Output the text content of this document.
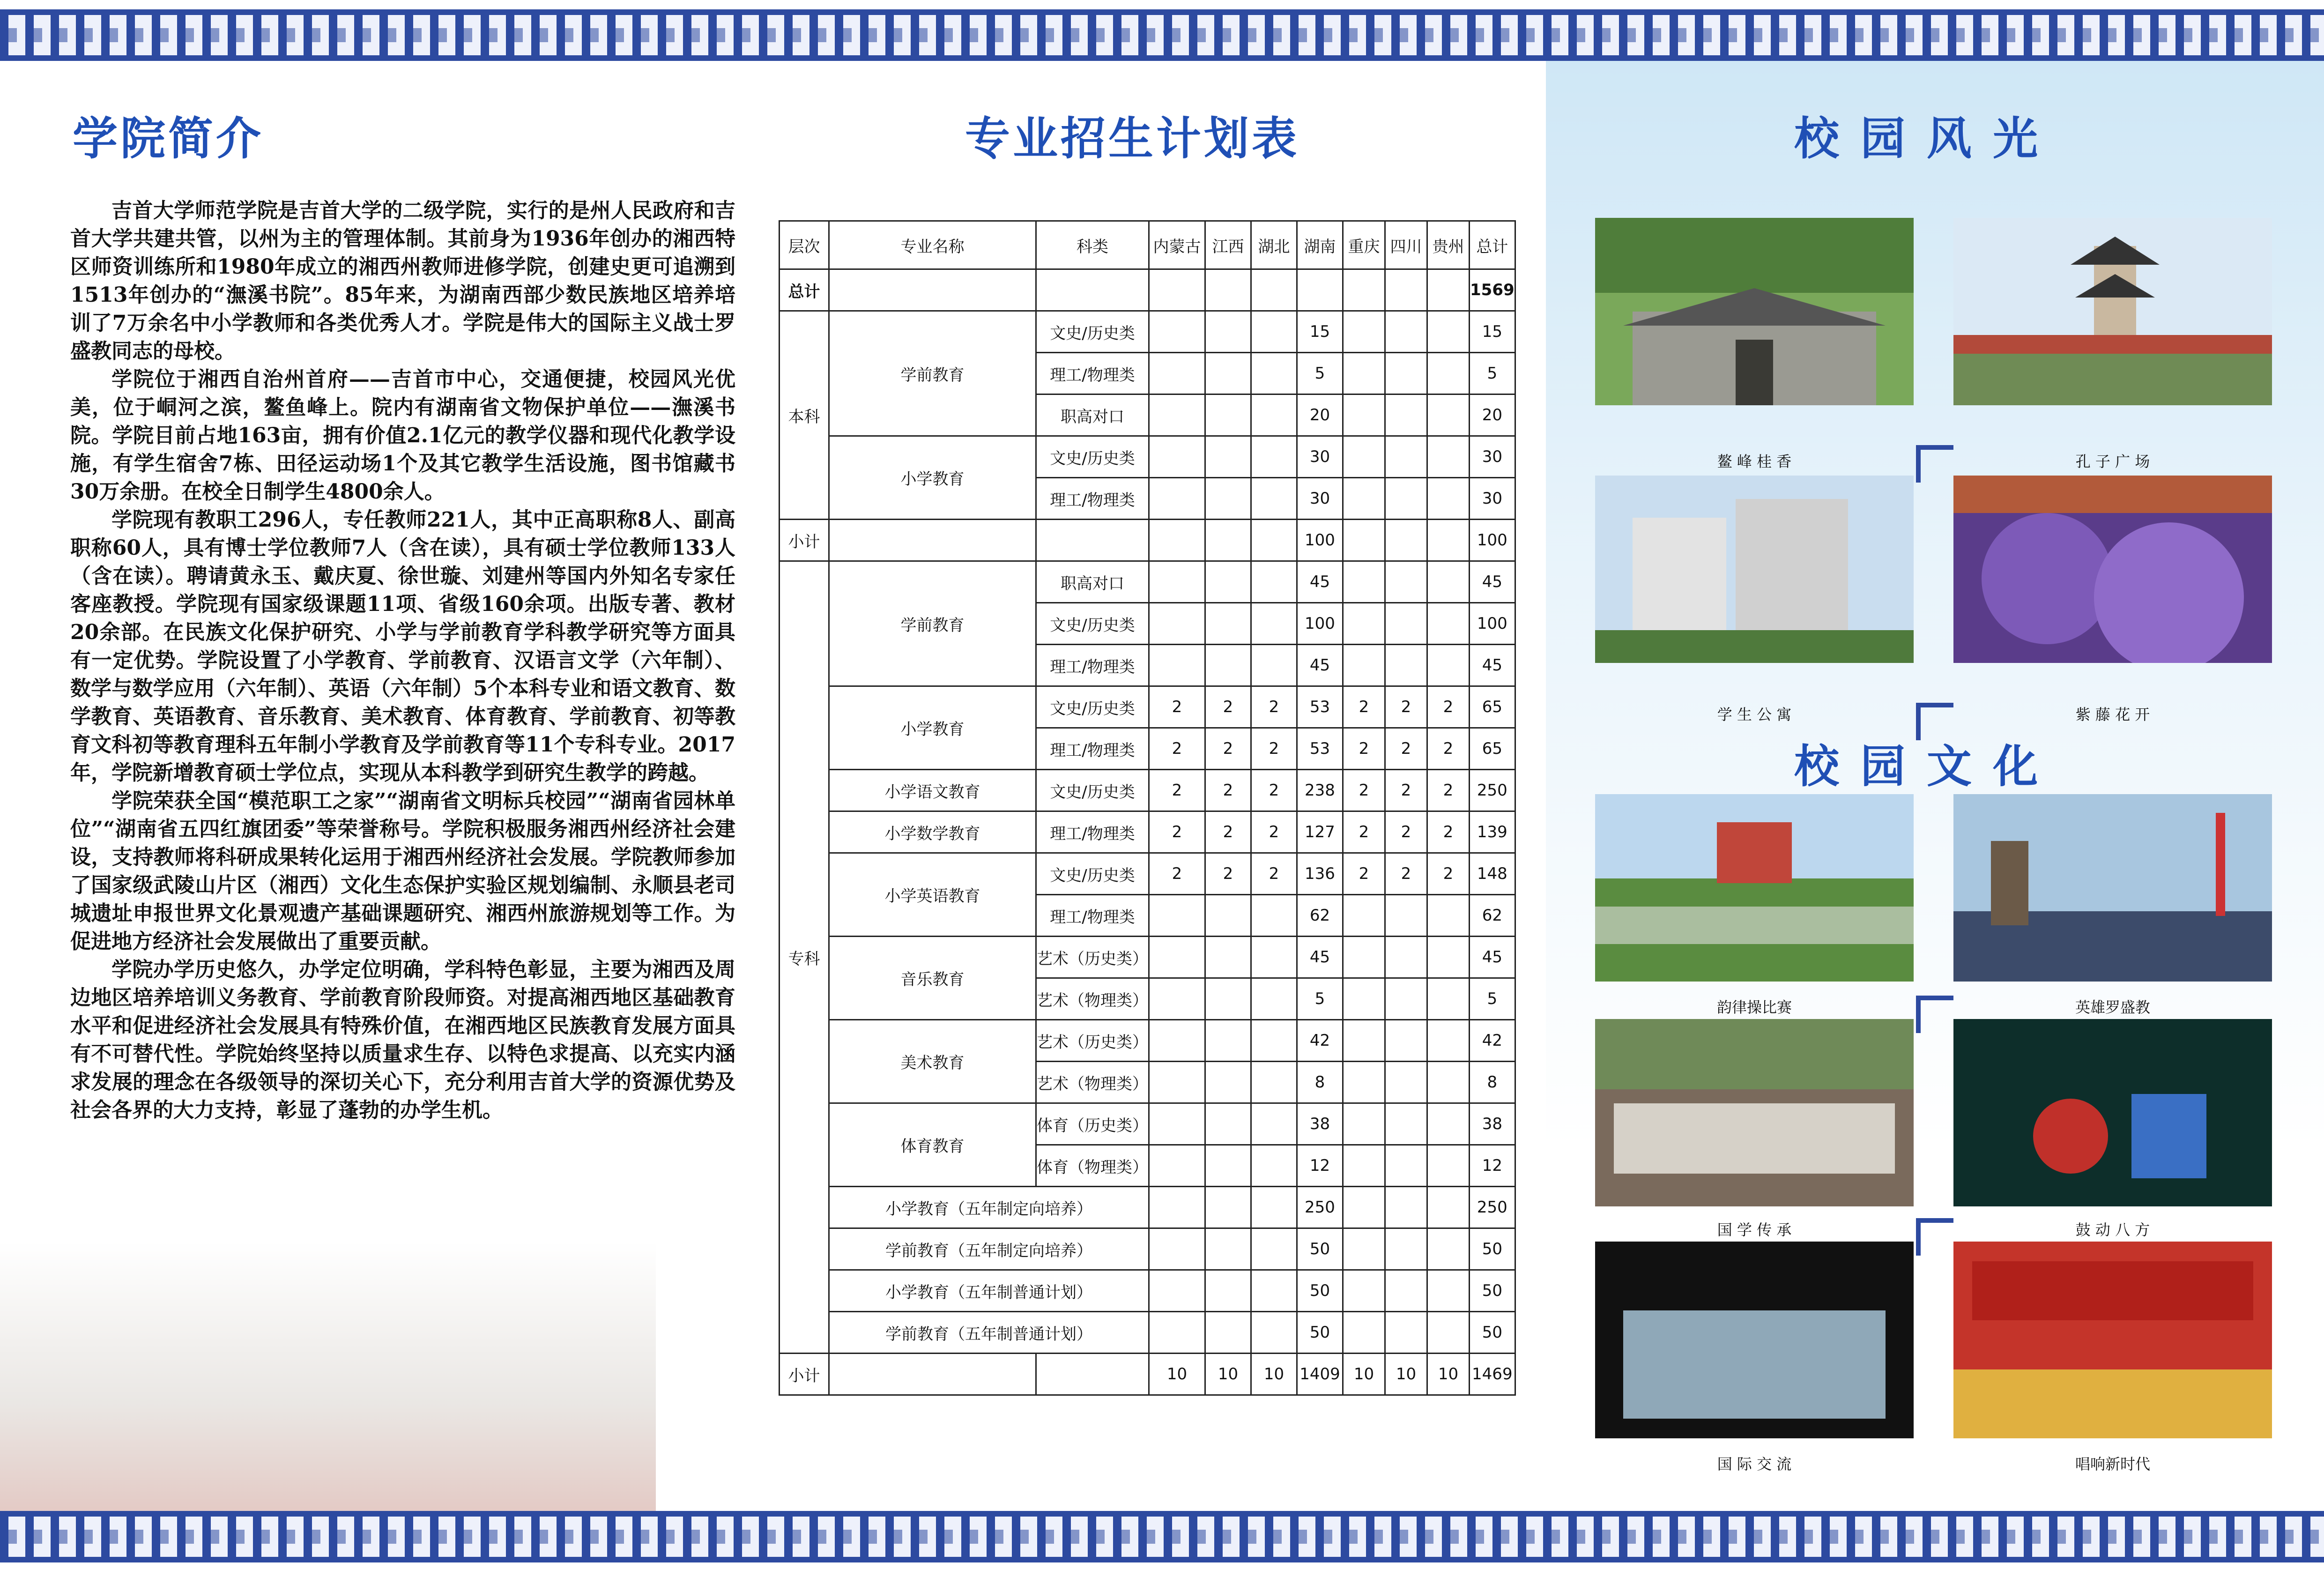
学院简介	专业招生计划表	校 园 风 光
校 园 文 化

吉首大学师范学院是吉首大学的二级学院，实行的是州人民政府和吉首大学共建共管，以州为主的管理体制。其前身为1936年创办的湘西特区师资训练所和1980年成立的湘西州教师进修学院，创建史更可追溯到1513年创办的“潕溪书院”。85年来，为湖南西部少数民族地区培养培训了7万余名中小学教师和各类优秀人才。学院是伟大的国际主义战士罗盛教同志的母校。

学院位于湘西自治州首府——吉首市中心，交通便捷，校园风光优美，位于峒河之滨，鳌鱼峰上。院内有湖南省文物保护单位——潕溪书院。学院目前占地163亩，拥有价值2.1亿元的教学仪器和现代化教学设施，有学生宿舍7栋、田径运动场1个及其它教学生活设施，图书馆藏书30万余册。在校全日制学生4800余人。

学院现有教职工296人，专任教师221人，其中正高职称8人、副高职称60人，具有博士学位教师7人（含在读），具有硕士学位教师133人（含在读）。聘请黄永玉、戴庆夏、徐世璇、刘建州等国内外知名专家任客座教授。学院现有国家级课题11项、省级160余项。出版专著、教材20余部。在民族文化保护研究、小学与学前教育学科教学研究等方面具有一定优势。学院设置了小学教育、学前教育、汉语言文学（六年制）、数学与数学应用（六年制）、英语（六年制）5个本科专业和语文教育、数学教育、英语教育、音乐教育、美术教育、体育教育、学前教育、初等教育文科初等教育理科五年制小学教育及学前教育等11个专科专业。2017年，学院新增教育硕士学位点，实现从本科教学到研究生教学的跨越。

学院荣获全国“模范职工之家”“湖南省文明标兵校园”“湖南省园林单位”“湖南省五四红旗团委”等荣誉称号。学院积极服务湘西州经济社会建设，支持教师将科研成果转化运用于湘西州经济社会发展。学院教师参加了国家级武陵山片区（湘西）文化生态保护实验区规划编制、永顺县老司城遗址申报世界文化景观遗产基础课题研究、湘西州旅游规划等工作。为促进地方经济社会发展做出了重要贡献。

学院办学历史悠久，办学定位明确，学科特色彰显，主要为湘西及周边地区培养培训义务教育、学前教育阶段师资。对提高湘西地区基础教育水平和促进经济社会发展具有特殊价值，在湘西地区民族教育发展方面具有不可替代性。学院始终坚持以质量求生存、以特色求提高、以充实内涵求发展的理念在各级领导的深切关心下，充分利用吉首大学的资源优势及社会各界的大力支持，彰显了蓬勃的办学生机。

层次	专业名称	科类	内蒙古	江西	湖北	湖南	重庆	四川	贵州	总计
总计										1569
本科	学前教育	文史/历史类				15				15
		理工/物理类				5				5
		职高对口				20				20
	小学教育	文史/历史类				30				30
		理工/物理类				30				30
小计						100				100
专科	学前教育	职高对口				45				45
		文史/历史类				100				100
		理工/物理类				45				45
	小学教育	文史/历史类	2	2	2	53	2	2	2	65
		理工/物理类	2	2	2	53	2	2	2	65
	小学语文教育	文史/历史类	2	2	2	238	2	2	2	250
	小学数学教育	理工/物理类	2	2	2	127	2	2	2	139
	小学英语教育	文史/历史类	2	2	2	136	2	2	2	148
		理工/物理类				62				62
	音乐教育	艺术（历史类）				45				45
		艺术（物理类）				5				5
	美术教育	艺术（历史类）				42				42
		艺术（物理类）				8				8
	体育教育	体育（历史类）				38				38
		体育（物理类）				12				12
	小学教育（五年制定向培养）					250				250
	学前教育（五年制定向培养）					50				50
	小学教育（五年制普通计划）					50				50
	学前教育（五年制普通计划）					50				50
小计			10	10	10	1409	10	10	10	1469
鳌 峰 桂 香	孔 子 广 场
学 生 公 寓	紫 藤 花 开
韵律操比赛	英雄罗盛教
国 学 传 承	鼓 动 八 方
国 际 交 流	唱响新时代
